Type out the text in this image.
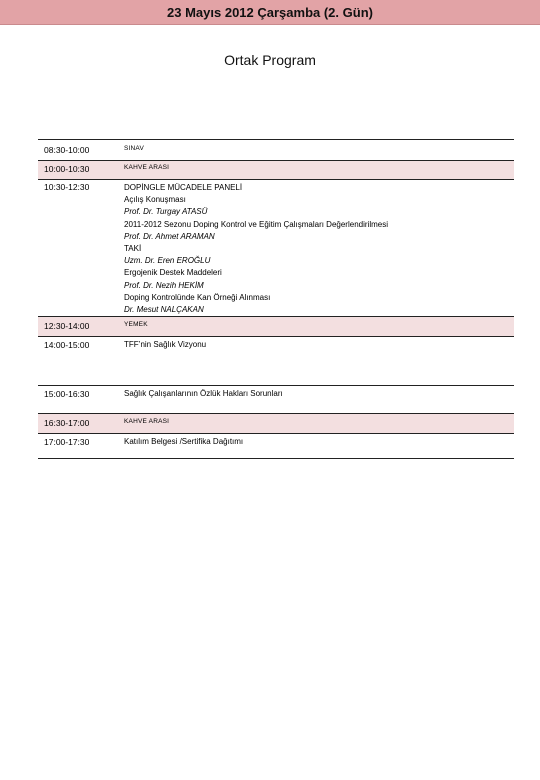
23 Mayıs 2012 Çarşamba (2. Gün)
Ortak Program
08:30-10:00	SINAV
10:00-10:30	KAHVE ARASI
10:30-12:30	DOPİNGLE MÜCADELE PANELİ
Açılış Konuşması
Prof. Dr. Turgay ATASÜ
2011-2012 Sezonu Doping Kontrol ve Eğitim Çalışmaları Değerlendirilmesi
Prof. Dr. Ahmet ARAMAN
TAKİ
Uzm. Dr. Eren EROĞLU
Ergojenik Destek Maddeleri
Prof. Dr. Nezih HEKİM
Doping Kontrolünde Kan Örneği Alınması
Dr. Mesut NALÇAKAN
12:30-14:00	YEMEK
14:00-15:00	TFF’nin Sağlık Vizyonu
15:00-16:30	Sağlık Çalışanlarının Özlük Hakları Sorunları
16:30-17:00	KAHVE ARASI
17:00-17:30	Katılım Belgesi /Sertifika Dağıtımı
